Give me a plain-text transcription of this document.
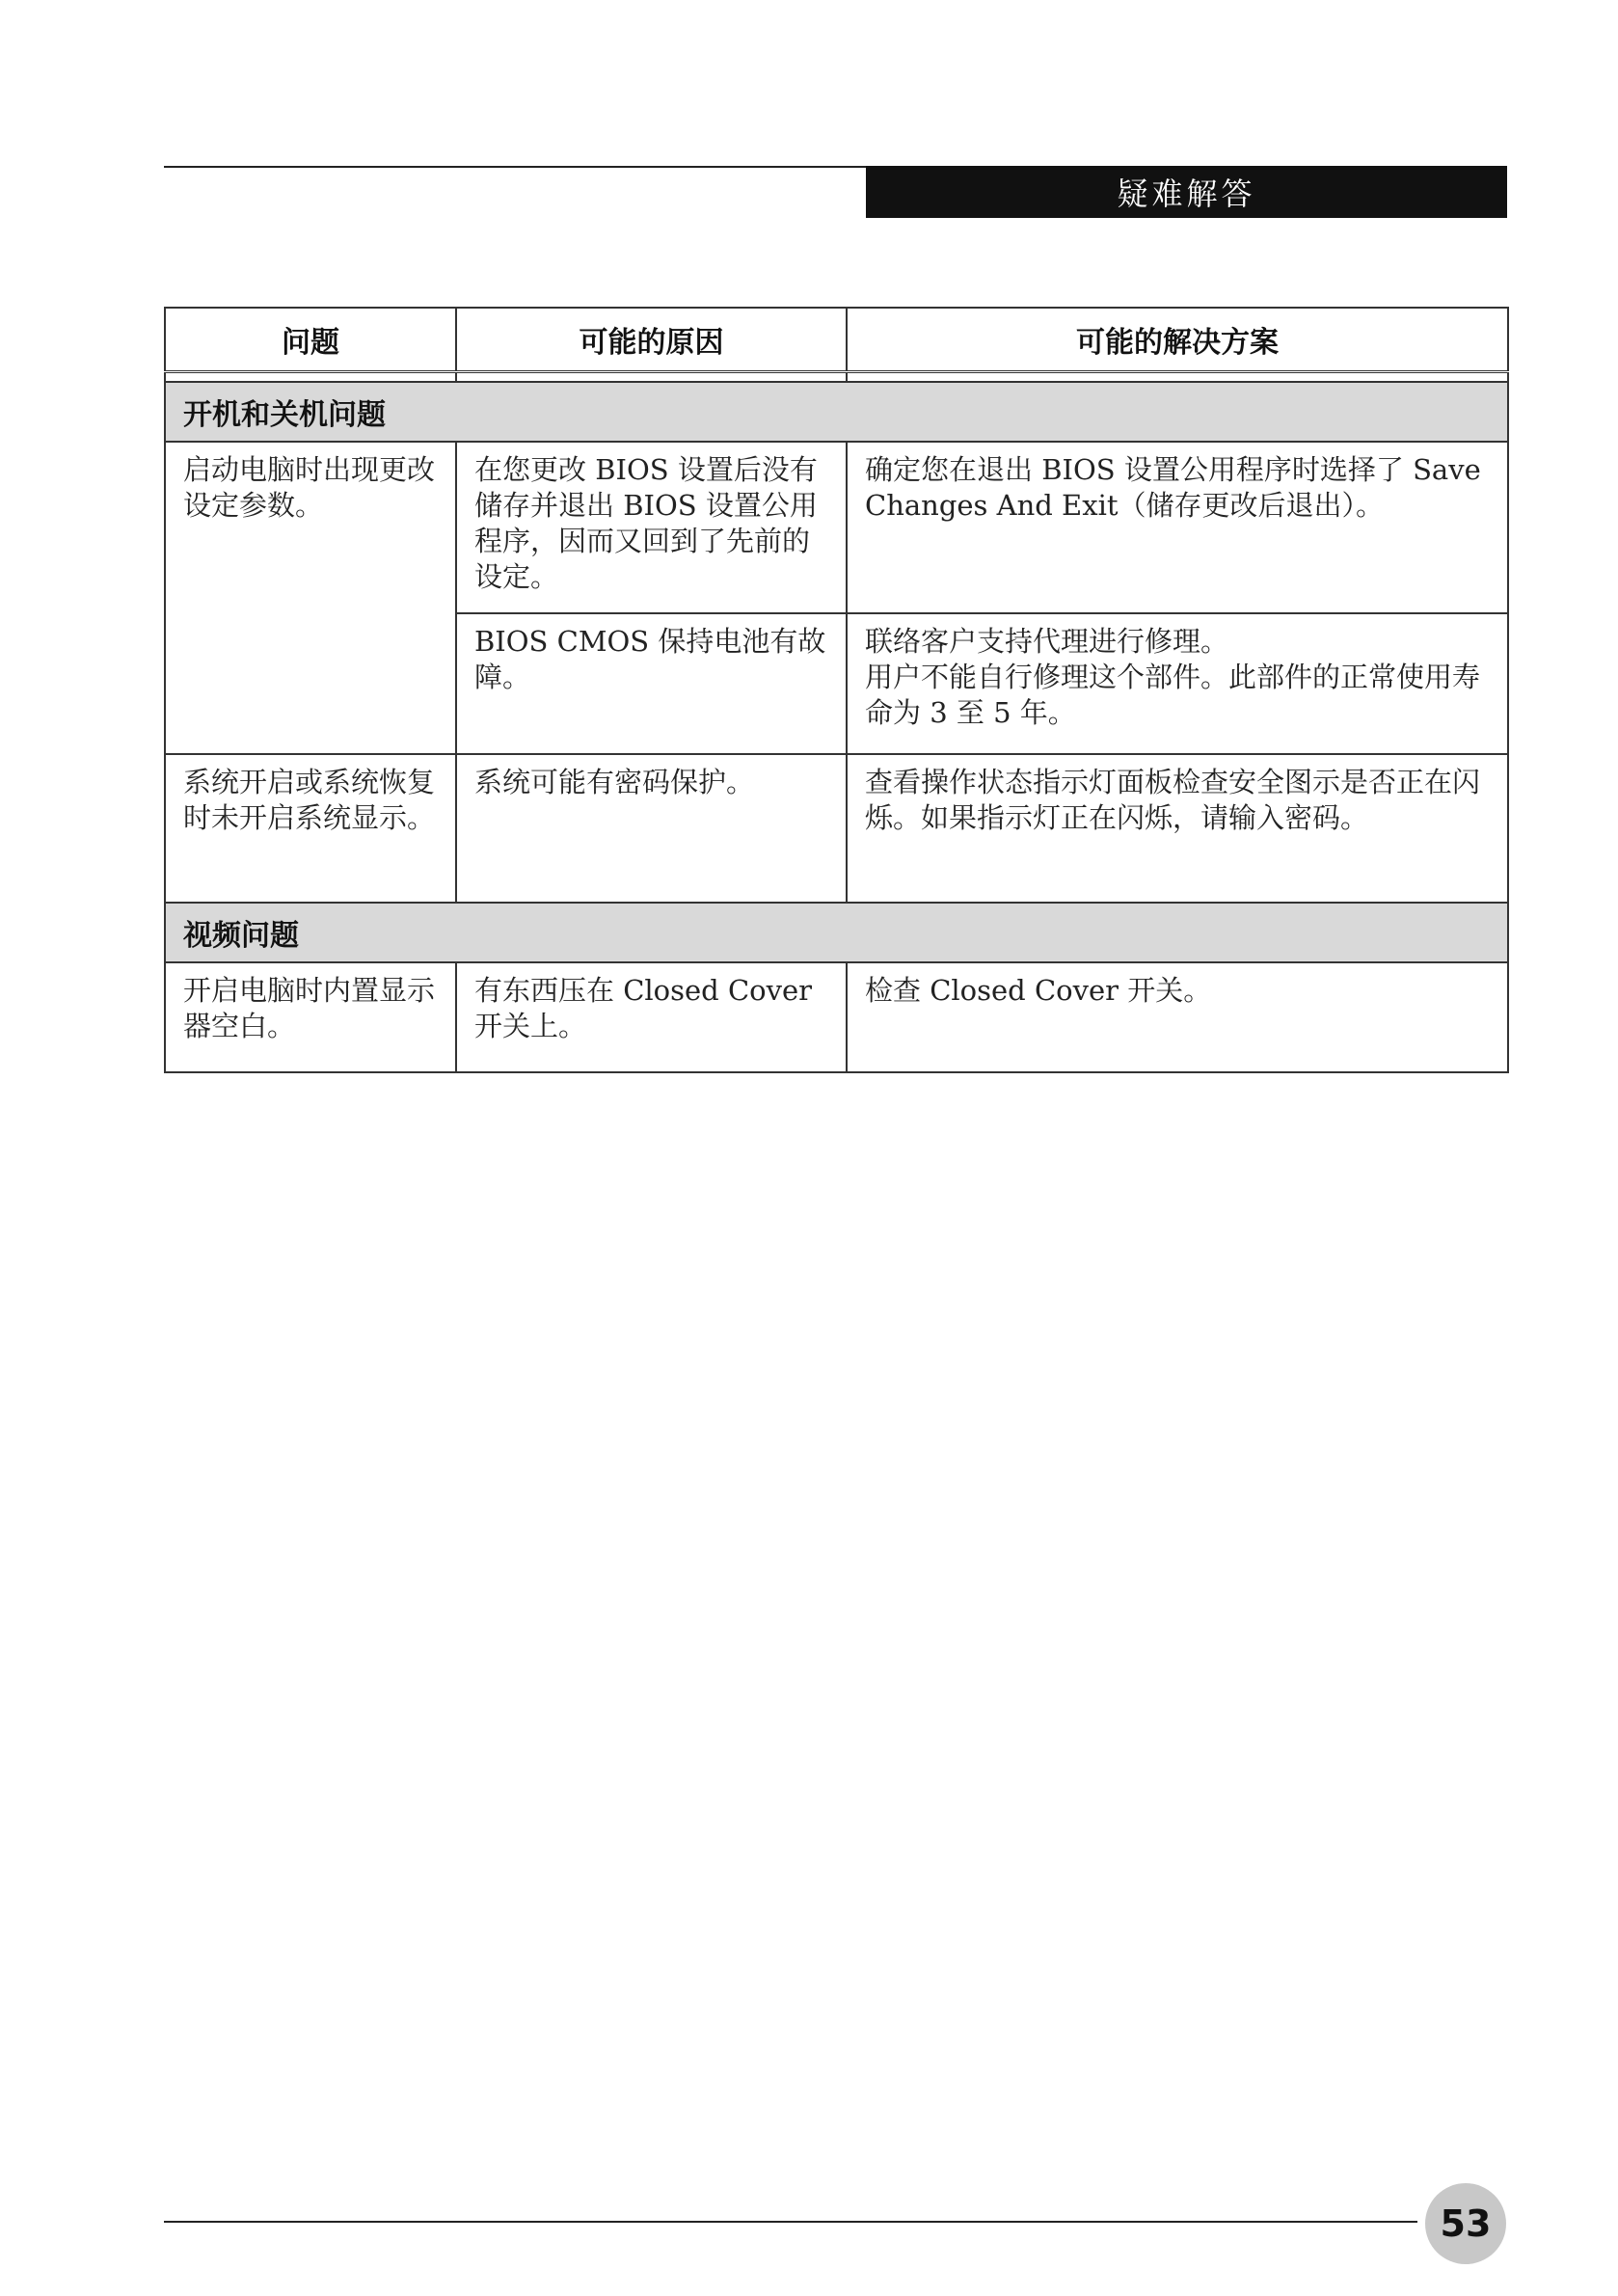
疑难解答
问题	可能的原因	可能的解决方案

开机和关机问题		
启动电脑时出现更改设定参数。	在您更改 BIOS 设置后没有储存并退出 BIOS 设置公用程序，因而又回到了先前的设定。	确定您在退出 BIOS 设置公用程序时选择了 Save Changes And Exit（储存更改后退出）。

	BIOS CMOS 保持电池有故障。	联络客户支持代理进行修理。
用户不能自行修理这个部件。此部件的正常使用寿命为 3 至 5 年。

系统开启或系统恢复时未开启系统显示。	系统可能有密码保护。	查看操作状态指示灯面板检查安全图示是否正在闪烁。如果指示灯正在闪烁，请输入密码。

视频问题		
开启电脑时内置显示器空白。	有东西压在 Closed Cover 开关上。	检查 Closed Cover 开关。
53
